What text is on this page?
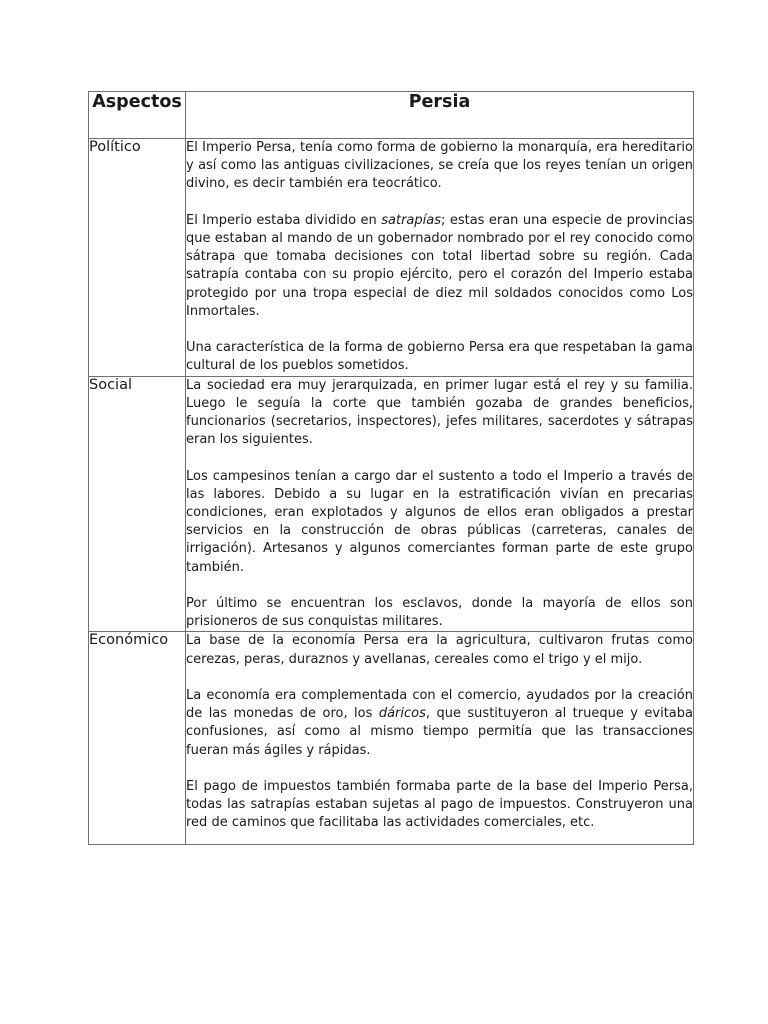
Aspectos	Persia
Político	El Imperio Persa, tenía como forma de gobierno la monarquía, era hereditario y así como las antiguas civilizaciones, se creía que los reyes tenían un origen divino, es decir también era teocrático.

El Imperio estaba dividido en satrapías; estas eran una especie de provincias que estaban al mando de un gobernador nombrado por el rey conocido como sátrapa que tomaba decisiones con total libertad sobre su región. Cada satrapía contaba con su propio ejército, pero el corazón del Imperio estaba protegido por una tropa especial de diez mil soldados conocidos como Los Inmortales.

Una característica de la forma de gobierno Persa era que respetaban la gama cultural de los pueblos sometidos.

Social	La sociedad era muy jerarquizada, en primer lugar está el rey y su familia. Luego le seguía la corte que también gozaba de grandes beneficios, funcionarios (secretarios, inspectores), jefes militares, sacerdotes y sátrapas eran los siguientes.

Los campesinos tenían a cargo dar el sustento a todo el Imperio a través de las labores. Debido a su lugar en la estratificación vivían en precarias condiciones, eran explotados y algunos de ellos eran obligados a prestar servicios en la construcción de obras públicas (carreteras, canales de irrigación). Artesanos y algunos comerciantes forman parte de este grupo también.

Por último se encuentran los esclavos, donde la mayoría de ellos son prisioneros de sus conquistas militares.

Económico	La base de la economía Persa era la agricultura, cultivaron frutas como cerezas, peras, duraznos y avellanas, cereales como el trigo y el mijo.

La economía era complementada con el comercio, ayudados por la creación de las monedas de oro, los dáricos, que sustituyeron al trueque y evitaba confusiones, así como al mismo tiempo permitía que las transacciones fueran más ágiles y rápidas.

El pago de impuestos también formaba parte de la base del Imperio Persa, todas las satrapías estaban sujetas al pago de impuestos. Construyeron una red de caminos que facilitaba las actividades comerciales, etc.
